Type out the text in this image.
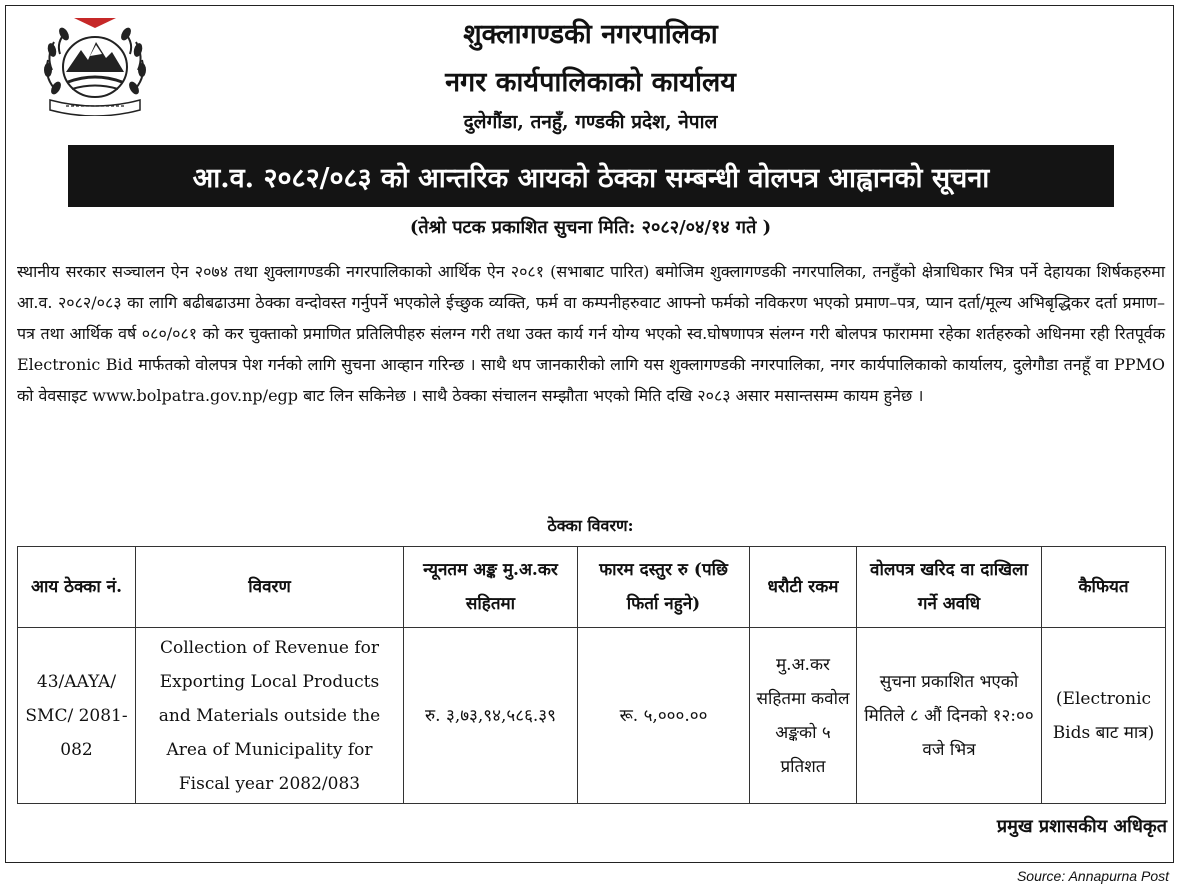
शुक्लागण्डकी नगरपालिका
नगर कार्यपालिकाको कार्यालय
दुलेगौंडा, तनहुँ, गण्डकी प्रदेश, नेपाल
आ.व. २०८२/०८३ को आन्तरिक आयको ठेक्का सम्बन्धी वोलपत्र आह्वानको सूचना
(तेश्रो पटक प्रकाशित सुचना मिति: २०८२/०४/१४ गते )

स्थानीय सरकार सञ्चालन ऐन २०७४ तथा शुक्लागण्डकी नगरपालिकाको आर्थिक ऐन २०८१ (सभाबाट पारित) बमोजिम शुक्लागण्डकी नगरपालिका, तनहुँको क्षेत्राधिकार भित्र पर्ने देहायका शिर्षकहरुमा आ.व. २०८२/०८३ का लागि बढीबढाउमा ठेक्का वन्दोवस्त गर्नुपर्ने भएकोले ईच्छुक व्यक्ति, फर्म वा कम्पनीहरुवाट आफ्नो फर्मको नविकरण भएको प्रमाण–पत्र, प्यान दर्ता/मूल्य अभिबृद्धिकर दर्ता प्रमाण–पत्र तथा आर्थिक वर्ष ०८०/०८१ को कर चुक्ताको प्रमाणित प्रतिलिपीहरु संलग्न गरी तथा उक्त कार्य गर्न योग्य भएको स्व.घोषणापत्र संलग्न गरी बोलपत्र फाराममा रहेका शर्तहरुको अधिनमा रही रितपूर्वक Electronic Bid मार्फतको वोलपत्र पेश गर्नको लागि सुचना आव्हान गरिन्छ । साथै थप जानकारीको लागि यस शुक्लागण्डकी नगरपालिका, नगर कार्यपालिकाको कार्यालय, दुलेगौडा तनहूँ वा PPMO को वेवसाइट www.bolpatra.gov.np/egp बाट लिन सकिनेछ । साथै ठेक्का संचालन सम्झौता भएको मिति दखि २०८३ असार मसान्तसम्म कायम हुनेछ ।

ठेक्का विवरण:
आय ठेक्का नं.	विवरण	न्यूनतम अङ्क मु.अ.कर सहितमा	फारम दस्तुर रु (पछि फिर्ता नहुने)	धरौटी रकम	वोलपत्र खरिद वा दाखिला गर्ने अवधि	कैफियत
43/AAYA/ SMC/ 2081-082	Collection of Revenue for
Exporting Local Products
and Materials outside the
Area of Municipality for
Fiscal year 2082/083	रु. ३,७३,९४,५८६.३९	रू. ५,०००.००	मु.अ.कर सहितमा कवोल अङ्कको ५ प्रतिशत	सुचना प्रकाशित भएको मितिले ८ औं दिनको १२:०० वजे भित्र	(Electronic Bids बाट मात्र)
प्रमुख प्रशासकीय अधिकृत
Source: Annapurna Post
